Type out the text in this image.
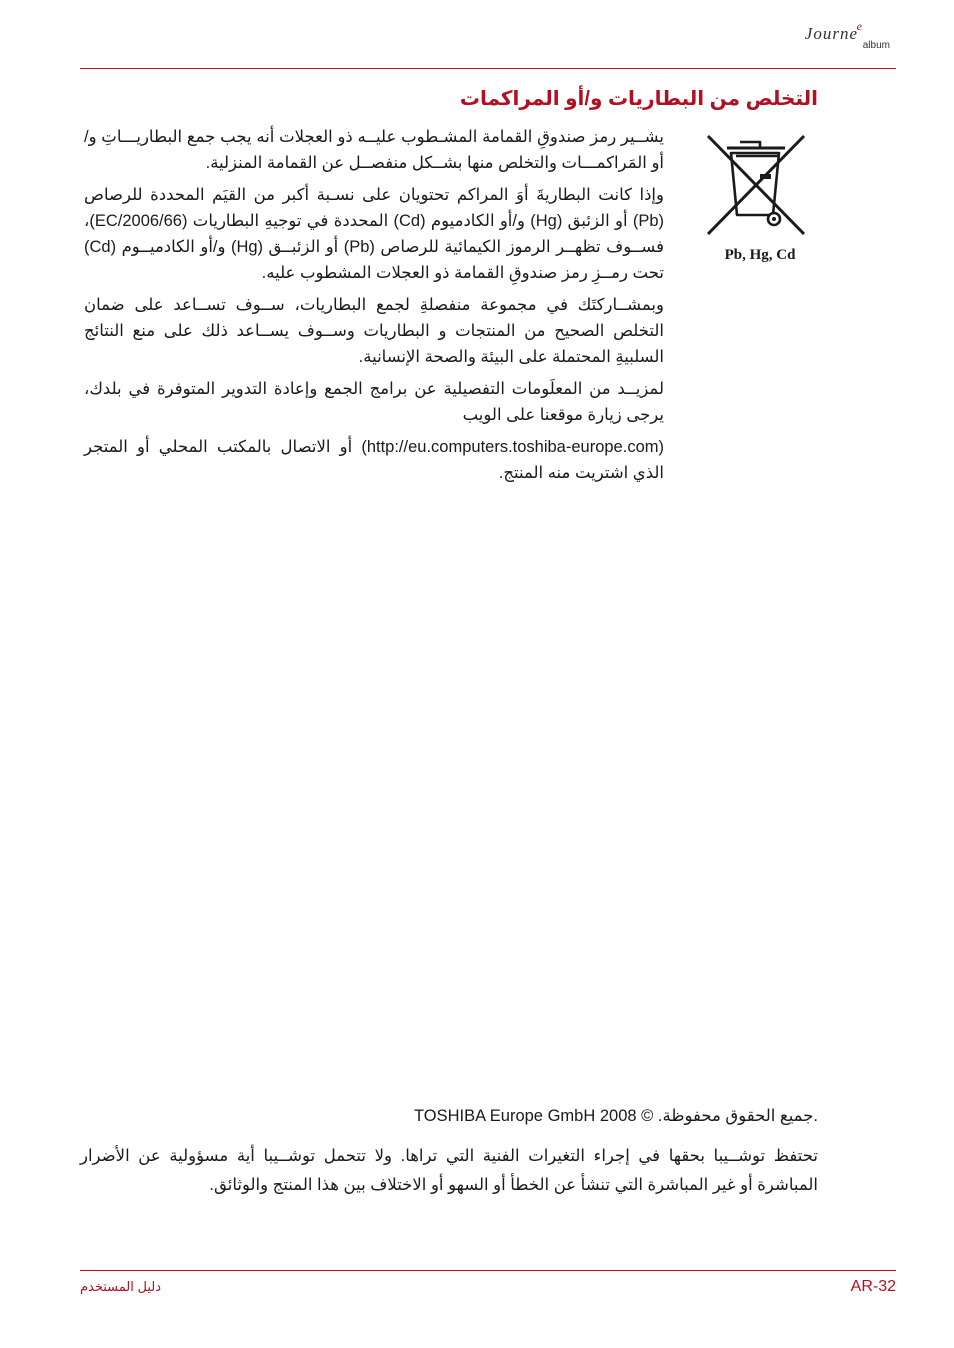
Journe
e
album
التخلص من البطاريات و/أو المراكمات
Pb, Hg, Cd

يشــير رمز صندوقِ القمامة المشـطوب عليــه ذو العجلات أنه يجب جمع البطاريـــاتِ و/أو المَراكمـــات والتخلص منها بشــكل منفصــل عن القمامة المنزلية.

وإذا كانت البطاريةَ أوَ المراكم تحتويان على نسـبة أكبر من القيَم المحددة للرصاص (Pb) أو الزئبق (Hg) و/أو الكادميوم (Cd) المحددة في توجيهِ البطاريات (2006/66/EC)، فســوف تظهــر الرموز الكيمائية للرصاص (Pb) أو الزئبــق (Hg) و/أو الكادميــوم (Cd) تحت رمــزِ رمز صندوقِ القمامة ذو العجلات المشطوب عليه.

وبمشــاركتَك في مجموعة منفصلةِ لجمع البطاريات، ســوف تســاعد على ضمان التخلص الصحيح من المنتجات و البطاريات وســوف يســاعد ذلك على منع النتائج السلبيةِ المحتملة على البيئة والصحة الإنسانية.

لمزيــد من المعلَومات التفصيلية عن برامج الجمع وإعادة التدوير المتوفرة في بلدك، يرجى زيارة موقعنا على الويب

(http://eu.computers.toshiba-europe.com) أو الاتصال بالمكتب المحلي أو المتجر الذي اشتريت منه المنتج.

.جميع الحقوق محفوظة. © 2008 TOSHIBA Europe GmbH

تحتفظ توشــيبا بحقها في إجراء التغيرات الفنية التي تراها. ولا تتحمل توشــيبا أية مسؤولية عن الأضرار المباشرة أو غير المباشرة التي تنشأ عن الخطأ أو السهو أو الاختلاف بين هذا المنتج والوثائق.

دليل المستخدم	AR-32
